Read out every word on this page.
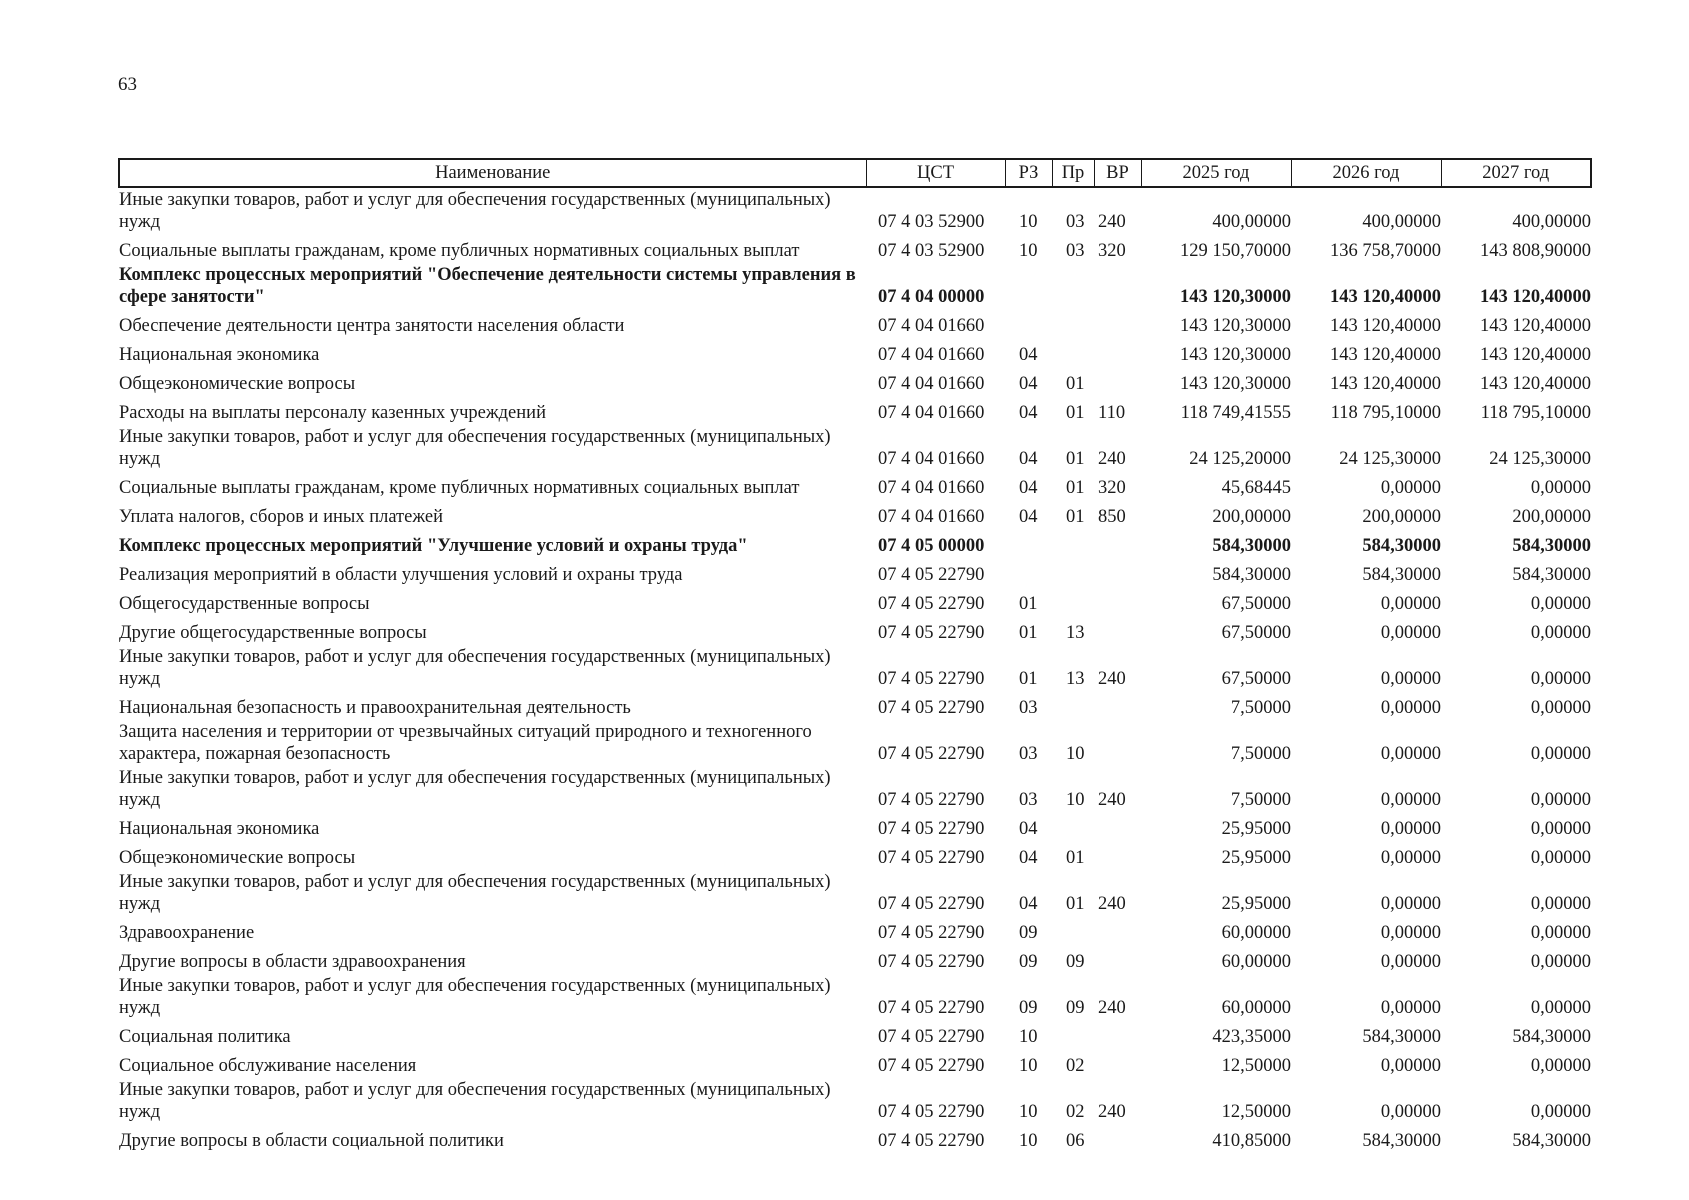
63
Наименование	ЦСТ	РЗ	Пр	ВР	2025 год	2026 год	2027 год
Иные закупки товаров, работ и услуг для обеспечения государственных (муниципальных) нужд	07 4 03 52900	10	03	240	400,00000	400,00000	400,00000
Социальные выплаты гражданам, кроме публичных нормативных социальных выплат	07 4 03 52900	10	03	320	129 150,70000	136 758,70000	143 808,90000
Комплекс процессных мероприятий "Обеспечение деятельности системы управления в сфере занятости"	07 4 04 00000				143 120,30000	143 120,40000	143 120,40000
Обеспечение деятельности центра занятости населения области	07 4 04 01660				143 120,30000	143 120,40000	143 120,40000
Национальная экономика	07 4 04 01660	04			143 120,30000	143 120,40000	143 120,40000
Общеэкономические вопросы	07 4 04 01660	04	01		143 120,30000	143 120,40000	143 120,40000
Расходы на выплаты персоналу казенных учреждений	07 4 04 01660	04	01	110	118 749,41555	118 795,10000	118 795,10000
Иные закупки товаров, работ и услуг для обеспечения государственных (муниципальных) нужд	07 4 04 01660	04	01	240	24 125,20000	24 125,30000	24 125,30000
Социальные выплаты гражданам, кроме публичных нормативных социальных выплат	07 4 04 01660	04	01	320	45,68445	0,00000	0,00000
Уплата налогов, сборов и иных платежей	07 4 04 01660	04	01	850	200,00000	200,00000	200,00000
Комплекс процессных мероприятий "Улучшение условий и охраны труда"	07 4 05 00000				584,30000	584,30000	584,30000
Реализация мероприятий в области улучшения условий и охраны труда	07 4 05 22790				584,30000	584,30000	584,30000
Общегосударственные вопросы	07 4 05 22790	01			67,50000	0,00000	0,00000
Другие общегосударственные вопросы	07 4 05 22790	01	13		67,50000	0,00000	0,00000
Иные закупки товаров, работ и услуг для обеспечения государственных (муниципальных) нужд	07 4 05 22790	01	13	240	67,50000	0,00000	0,00000
Национальная безопасность и правоохранительная деятельность	07 4 05 22790	03			7,50000	0,00000	0,00000
Защита населения и территории от чрезвычайных ситуаций природного и техногенного характера, пожарная безопасность	07 4 05 22790	03	10		7,50000	0,00000	0,00000
Иные закупки товаров, работ и услуг для обеспечения государственных (муниципальных) нужд	07 4 05 22790	03	10	240	7,50000	0,00000	0,00000
Национальная экономика	07 4 05 22790	04			25,95000	0,00000	0,00000
Общеэкономические вопросы	07 4 05 22790	04	01		25,95000	0,00000	0,00000
Иные закупки товаров, работ и услуг для обеспечения государственных (муниципальных) нужд	07 4 05 22790	04	01	240	25,95000	0,00000	0,00000
Здравоохранение	07 4 05 22790	09			60,00000	0,00000	0,00000
Другие вопросы в области здравоохранения	07 4 05 22790	09	09		60,00000	0,00000	0,00000
Иные закупки товаров, работ и услуг для обеспечения государственных (муниципальных) нужд	07 4 05 22790	09	09	240	60,00000	0,00000	0,00000
Социальная политика	07 4 05 22790	10			423,35000	584,30000	584,30000
Социальное обслуживание населения	07 4 05 22790	10	02		12,50000	0,00000	0,00000
Иные закупки товаров, работ и услуг для обеспечения государственных (муниципальных) нужд	07 4 05 22790	10	02	240	12,50000	0,00000	0,00000
Другие вопросы в области социальной политики	07 4 05 22790	10	06		410,85000	584,30000	584,30000
